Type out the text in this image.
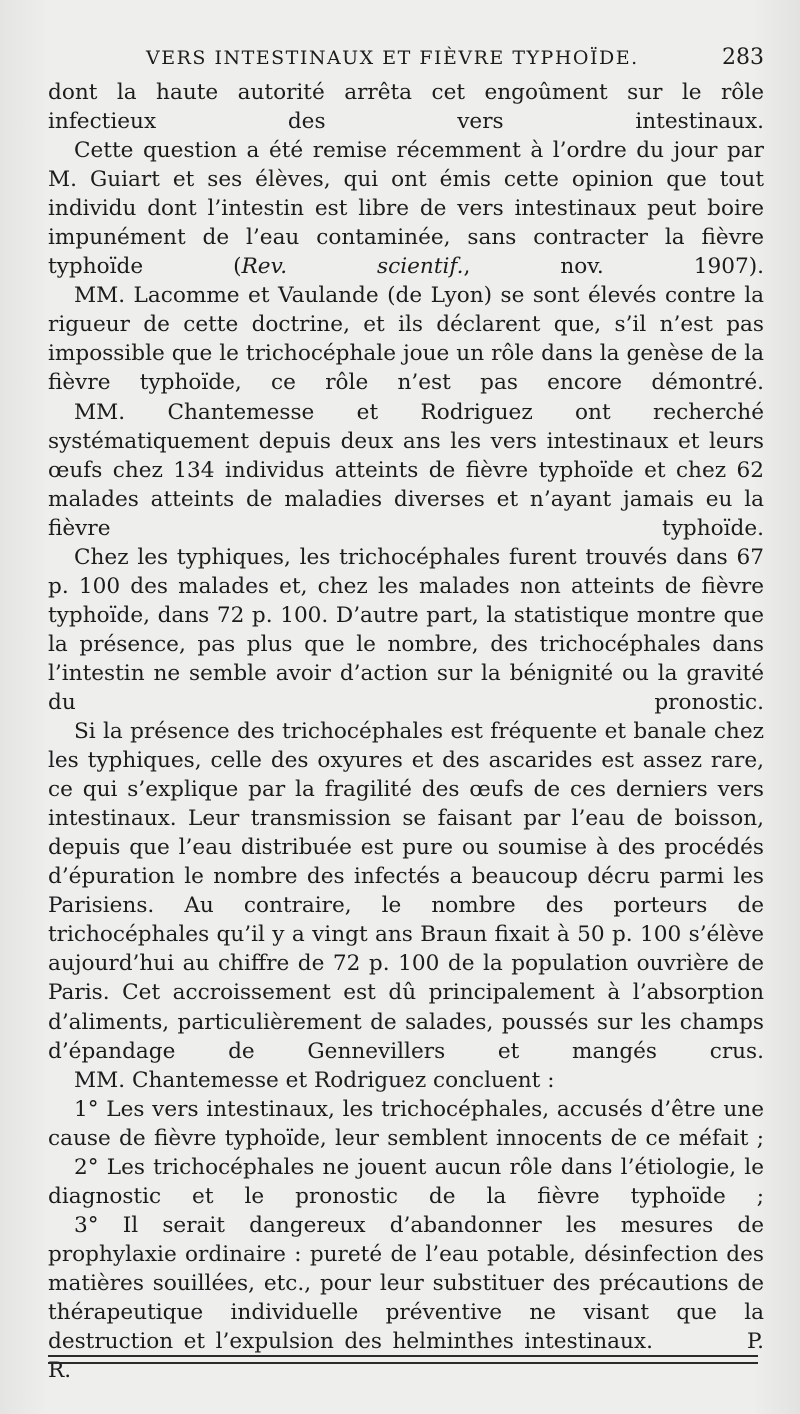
VERS INTESTINAUX ET FIÈVRE TYPHOÏDE.	283

dont la haute autorité arrêta cet engoûment sur le rôle infectieux des vers intestinaux.

Cette question a été remise récemment à l’ordre du jour par M. Guiart et ses élèves, qui ont émis cette opinion que tout individu dont l’intestin est libre de vers intestinaux peut boire impunément de l’eau contaminée, sans contracter la fièvre typhoïde (Rev. scientif., nov. 1907).

MM. Lacomme et Vaulande (de Lyon) se sont élevés contre la rigueur de cette doctrine, et ils déclarent que, s’il n’est pas impossible que le trichocéphale joue un rôle dans la genèse de la fièvre typhoïde, ce rôle n’est pas encore démontré.

MM. Chantemesse et Rodriguez ont recherché systématiquement depuis deux ans les vers intestinaux et leurs œufs chez 134 individus atteints de fièvre typhoïde et chez 62 malades atteints de maladies diverses et n’ayant jamais eu la fièvre typhoïde.

Chez les typhiques, les trichocéphales furent trouvés dans 67 p. 100 des malades et, chez les malades non atteints de fièvre typhoïde, dans 72 p. 100. D’autre part, la statistique montre que la présence, pas plus que le nombre, des trichocéphales dans l’intestin ne semble avoir d’action sur la bénignité ou la gravité du pronostic.

Si la présence des trichocéphales est fréquente et banale chez les typhiques, celle des oxyures et des ascarides est assez rare, ce qui s’explique par la fragilité des œufs de ces derniers vers intestinaux. Leur transmission se faisant par l’eau de boisson, depuis que l’eau distribuée est pure ou soumise à des procédés d’épuration le nombre des infectés a beaucoup décru parmi les Parisiens. Au contraire, le nombre des porteurs de trichocéphales qu’il y a vingt ans Braun fixait à 50 p. 100 s’élève aujourd’hui au chiffre de 72 p. 100 de la population ouvrière de Paris. Cet accroissement est dû principalement à l’absorption d’aliments, particulièrement de salades, poussés sur les champs d’épandage de Gennevillers et mangés crus.

MM. Chantemesse et Rodriguez concluent :

1° Les vers intestinaux, les trichocéphales, accusés d’être une cause de fièvre typhoïde, leur semblent innocents de ce méfait ;

2° Les trichocéphales ne jouent aucun rôle dans l’étiologie, le diagnostic et le pronostic de la fièvre typhoïde ;

3° Il serait dangereux d’abandonner les mesures de prophylaxie ordinaire : pureté de l’eau potable, désinfection des matières souillées, etc., pour leur substituer des précautions de thérapeutique individuelle préventive ne visant que la destruction et l’expulsion des helminthes intestinaux.	P. R.
